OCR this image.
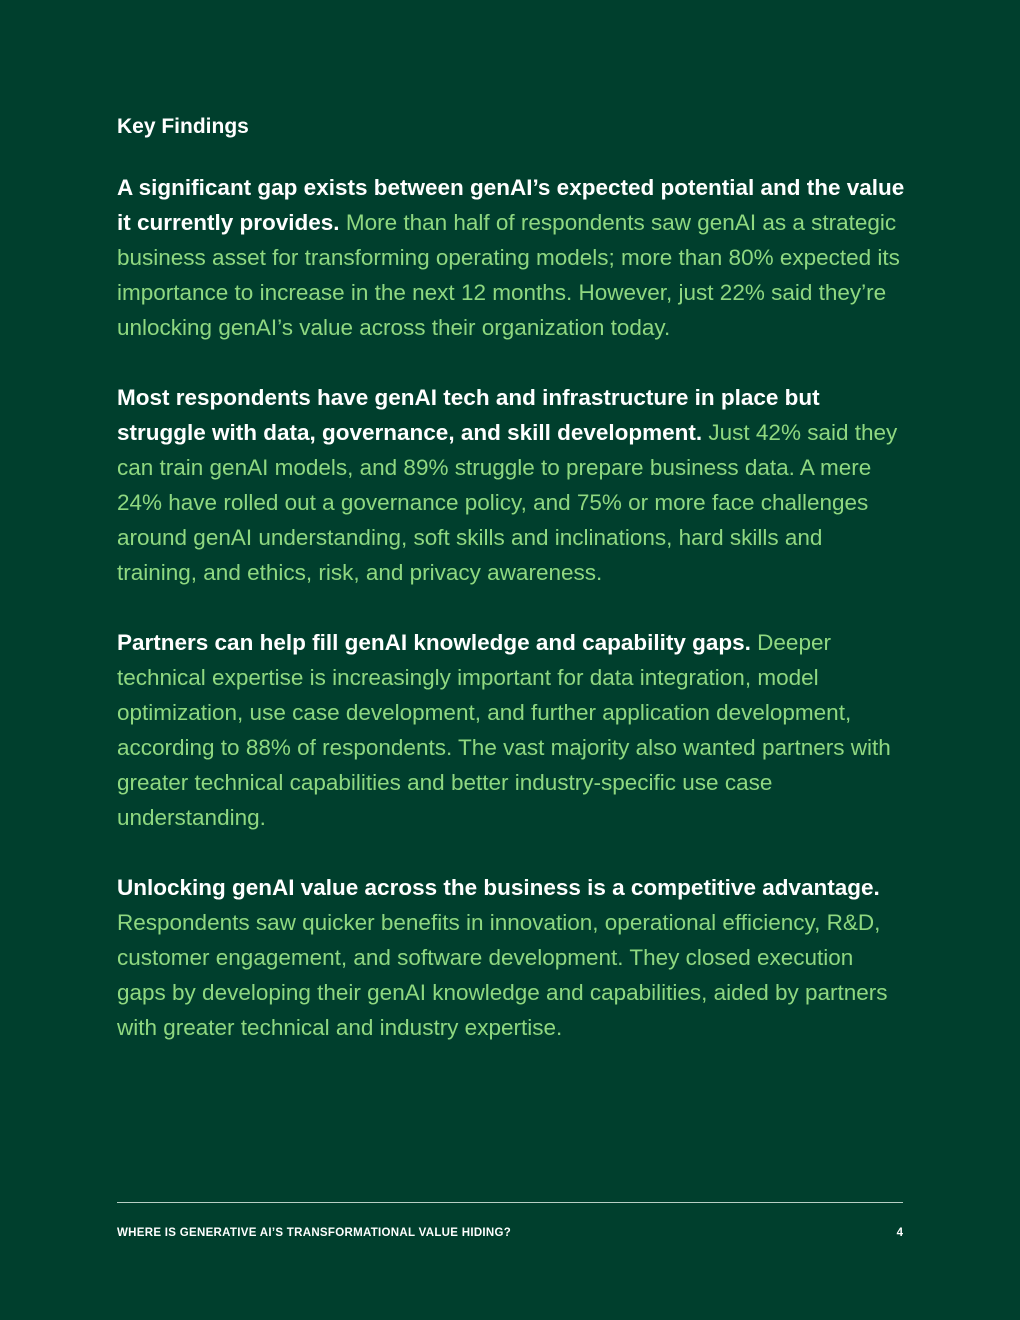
Key Findings

A significant gap exists between genAI’s expected potential and the value it currently provides. More than half of respondents saw genAI as a strategic business asset for transforming operating models; more than 80% expected its importance to increase in the next 12 months. However, just 22% said they’re unlocking genAI’s value across their organization today.

Most respondents have genAI tech and infrastructure in place but struggle with data, governance, and skill development. Just 42% said they can train genAI models, and 89% struggle to prepare business data. A mere 24% have rolled out a governance policy, and 75% or more face challenges around genAI understanding, soft skills and inclinations, hard skills and training, and ethics, risk, and privacy awareness.

Partners can help fill genAI knowledge and capability gaps. Deeper technical expertise is increasingly important for data integration, model optimization, use case development, and further application development, according to 88% of respondents. The vast majority also wanted partners with greater technical capabilities and better industry-specific use case understanding.

Unlocking genAI value across the business is a competitive advantage. Respondents saw quicker benefits in innovation, operational efficiency, R&D, customer engagement, and software development. They closed execution gaps by developing their genAI knowledge and capabilities, aided by partners with greater technical and industry expertise.

WHERE IS GENERATIVE AI’S TRANSFORMATIONAL VALUE HIDING?	4
